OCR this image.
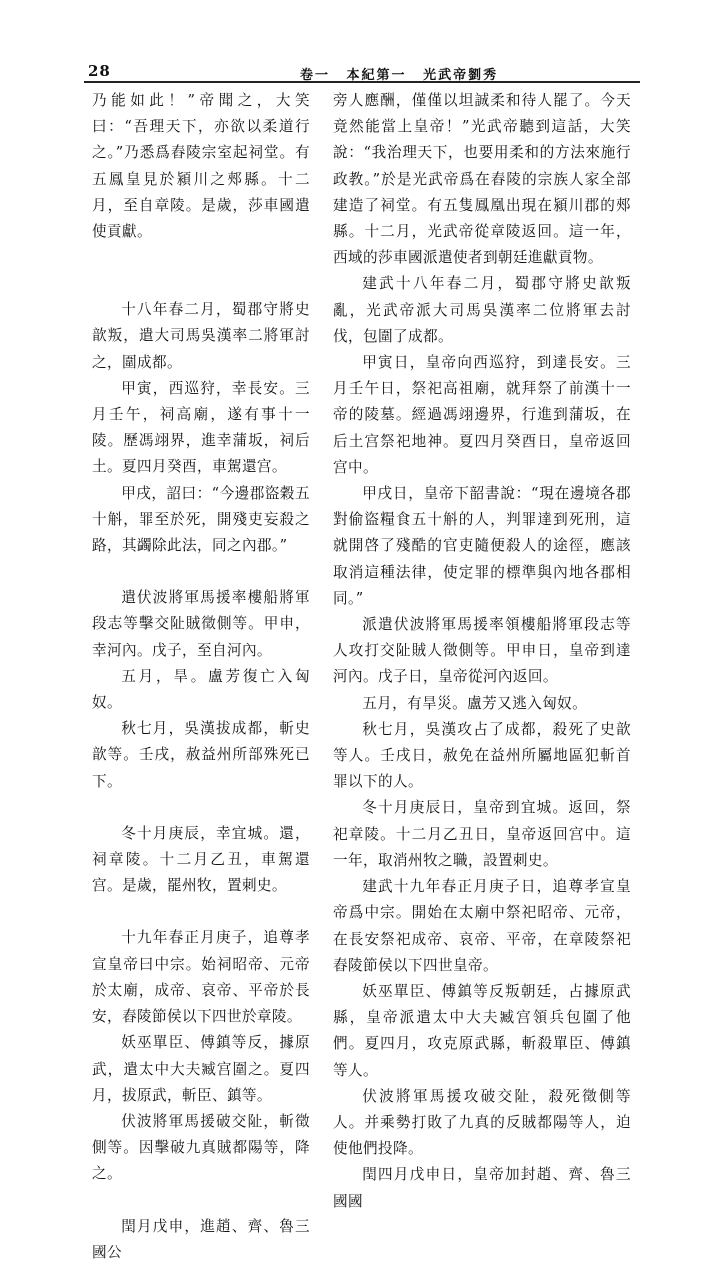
28	卷一 本紀第一 光武帝劉秀

乃能如此！”帝聞之，大笑曰：“吾理天下，亦欲以柔道行之。”乃悉爲舂陵宗室起祠堂。有五鳳皇見於潁川之郟縣。十二月，至自章陵。是歲，莎車國遣使貢獻。

十八年春二月，蜀郡守將史歆叛，遣大司馬吳漢率二將軍討之，圍成都。

甲寅，西巡狩，幸長安。三月壬午，祠高廟，遂有事十一陵。歷馮翊界，進幸蒲坂，祠后土。夏四月癸酉，車駕還宫。

甲戌，詔曰：“今邊郡盜穀五十斛，罪至於死，開殘吏妄殺之路，其蠲除此法，同之內郡。”

遣伏波將軍馬援率樓船將軍段志等擊交阯賊徵側等。甲申，幸河內。戊子，至自河內。

五月，旱。盧芳復亡入匈奴。

秋七月，吳漢拔成都，斬史歆等。壬戌，赦益州所部殊死已下。

冬十月庚辰，幸宜城。還，祠章陵。十二月乙丑，車駕還宫。是歲，罷州牧，置刺史。

十九年春正月庚子，追尊孝宣皇帝曰中宗。始祠昭帝、元帝於太廟，成帝、哀帝、平帝於長安，舂陵節侯以下四世於章陵。

妖巫單臣、傅鎮等反，據原武，遣太中大夫臧宫圍之。夏四月，拔原武，斬臣、鎮等。

伏波將軍馬援破交阯，斬徵側等。因擊破九真賊都陽等，降之。

閏月戊申，進趙、齊、魯三國公

旁人應酬，僅僅以坦誠柔和待人罷了。今天竟然能當上皇帝！”光武帝聽到這話，大笑說：“我治理天下，也要用柔和的方法來施行政教。”於是光武帝爲在舂陵的宗族人家全部建造了祠堂。有五隻鳳凰出現在潁川郡的郟縣。十二月，光武帝從章陵返回。這一年，西域的莎車國派遣使者到朝廷進獻貢物。

建武十八年春二月，蜀郡守將史歆叛亂，光武帝派大司馬吳漢率二位將軍去討伐，包圍了成都。

甲寅日，皇帝向西巡狩，到達長安。三月壬午日，祭祀高祖廟，就拜祭了前漢十一帝的陵墓。經過馮翊邊界，行進到蒲坂，在后土宫祭祀地神。夏四月癸酉日，皇帝返回宫中。

甲戌日，皇帝下韶書說：“現在邊境各郡對偷盜糧食五十斛的人，判罪達到死刑，這就開啓了殘酷的官吏隨便殺人的途徑，應該取消這種法律，使定罪的標準與內地各郡相同。”

派遣伏波將軍馬援率領樓船將軍段志等人攻打交阯賊人徵側等。甲申日，皇帝到達河內。戊子日，皇帝從河內返回。

五月，有旱災。盧芳又逃入匈奴。

秋七月，吳漢攻占了成都，殺死了史歆等人。壬戌日，赦免在益州所屬地區犯斬首罪以下的人。

冬十月庚辰日，皇帝到宜城。返回，祭祀章陵。十二月乙丑日，皇帝返回宫中。這一年，取消州牧之職，設置刺史。

建武十九年春正月庚子日，追尊孝宣皇帝爲中宗。開始在太廟中祭祀昭帝、元帝，在長安祭祀成帝、哀帝、平帝，在章陵祭祀舂陵節侯以下四世皇帝。

妖巫單臣、傅鎮等反叛朝廷，占據原武縣，皇帝派遣太中大夫臧宫領兵包圍了他們。夏四月，攻克原武縣，斬殺單臣、傅鎮等人。

伏波將軍馬援攻破交阯，殺死徵側等人。并乘勢打敗了九真的反賊都陽等人，迫使他們投降。

閏四月戊申日，皇帝加封趙、齊、魯三國國
